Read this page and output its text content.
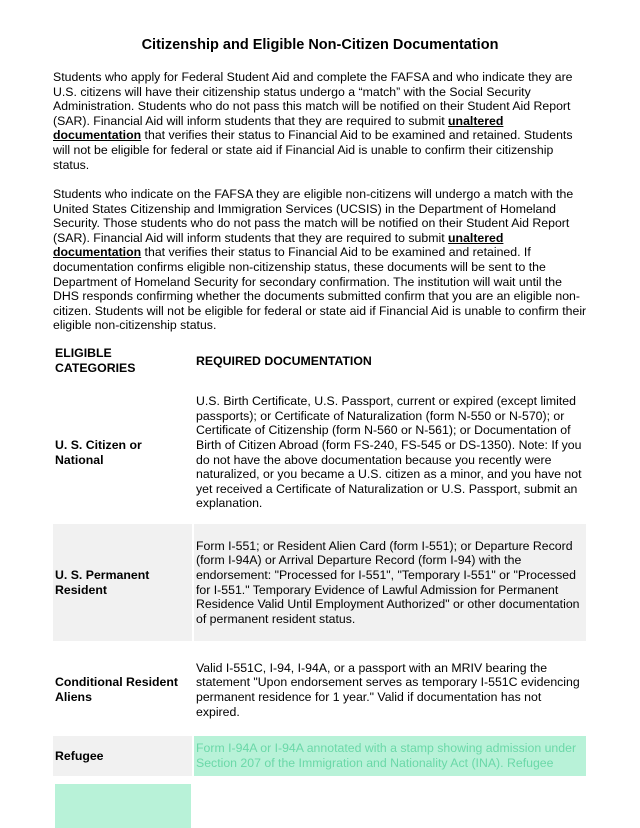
Citizenship and Eligible Non-Citizen Documentation

Students who apply for Federal Student Aid and complete the FAFSA and who indicate they are U.S. citizens will have their citizenship status undergo a “match” with the Social Security Administration. Students who do not pass this match will be notified on their Student Aid Report (SAR). Financial Aid will inform students that they are required to submit unaltered documentation that verifies their status to Financial Aid to be examined and retained. Students will not be eligible for federal or state aid if Financial Aid is unable to confirm their citizenship status.

Students who indicate on the FAFSA they are eligible non-citizens will undergo a match with the United States Citizenship and Immigration Services (UCSIS) in the Department of Homeland Security. Those students who do not pass the match will be notified on their Student Aid Report (SAR). Financial Aid will inform students that they are required to submit unaltered documentation that verifies their status to Financial Aid to be examined and retained. If documentation confirms eligible non-citizenship status, these documents will be sent to the Department of Homeland Security for secondary confirmation. The institution will wait until the DHS responds confirming whether the documents submitted confirm that you are an eligible non-citizen. Students will not be eligible for federal or state aid if Financial Aid is unable to confirm their eligible non-citizenship status.

ELIGIBLE CATEGORIES
REQUIRED DOCUMENTATION
U. S. Citizen or National
U.S. Birth Certificate, U.S. Passport, current or expired (except limited passports); or Certificate of Naturalization (form N-550 or N-570); or Certificate of Citizenship (form N-560 or N-561); or Documentation of Birth of Citizen Abroad (form FS-240, FS-545 or DS-1350). Note: If you do not have the above documentation because you recently were naturalized, or you became a U.S. citizen as a minor, and you have not yet received a Certificate of Naturalization or U.S. Passport, submit an explanation.
U. S. Permanent Resident
Form I-551; or Resident Alien Card (form I-551); or Departure Record (form I-94A) or Arrival Departure Record (form I-94) with the endorsement: "Processed for I-551", "Temporary I-551" or "Processed for I-551." Temporary Evidence of Lawful Admission for Permanent Residence Valid Until Employment Authorized" or other documentation of permanent resident status.
Conditional Resident Aliens
Valid I-551C, I-94, I-94A, or a passport with an MRIV bearing the statement "Upon endorsement serves as temporary I-551C evidencing permanent residence for 1 year." Valid if documentation has not expired.
Refugee
Form I-94A or I-94A annotated with a stamp showing admission under Section 207 of the Immigration and Nationality Act (INA). Refugee
